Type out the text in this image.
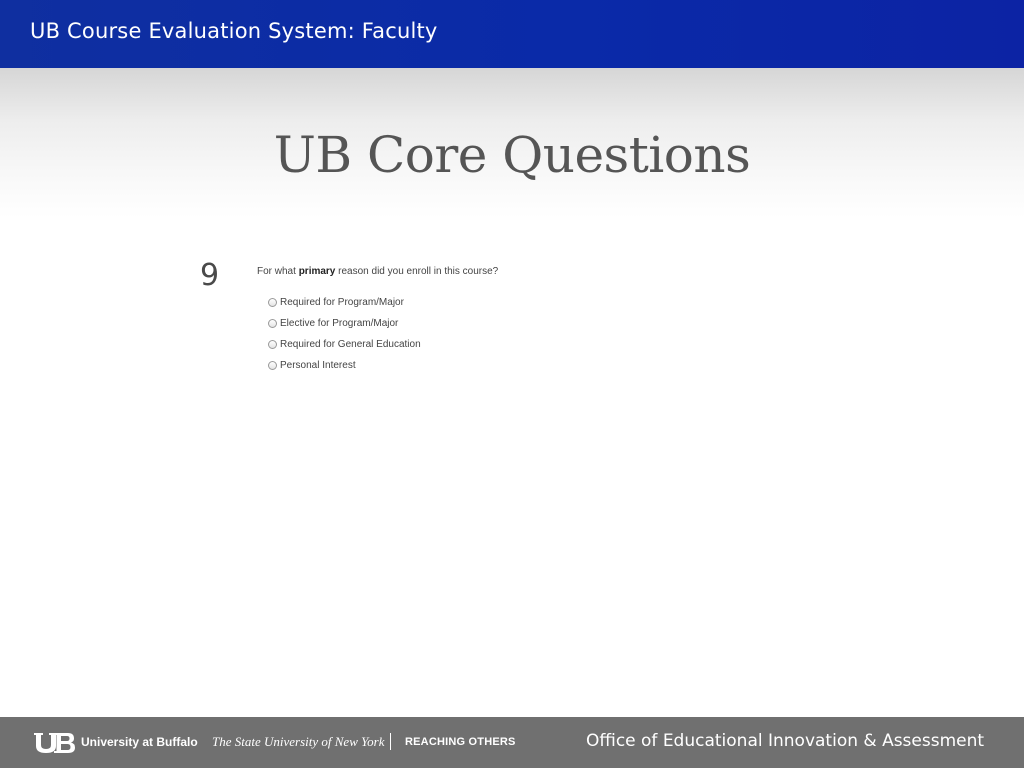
UB Course Evaluation System: Faculty
UB Core Questions
9	For what primary reason did you enroll in this course?
Required for Program/Major
Elective for Program/Major
Required for General Education
Personal Interest
University at Buffalo The State University of New York REACHING OTHERS	Office of Educational Innovation & Assessment
